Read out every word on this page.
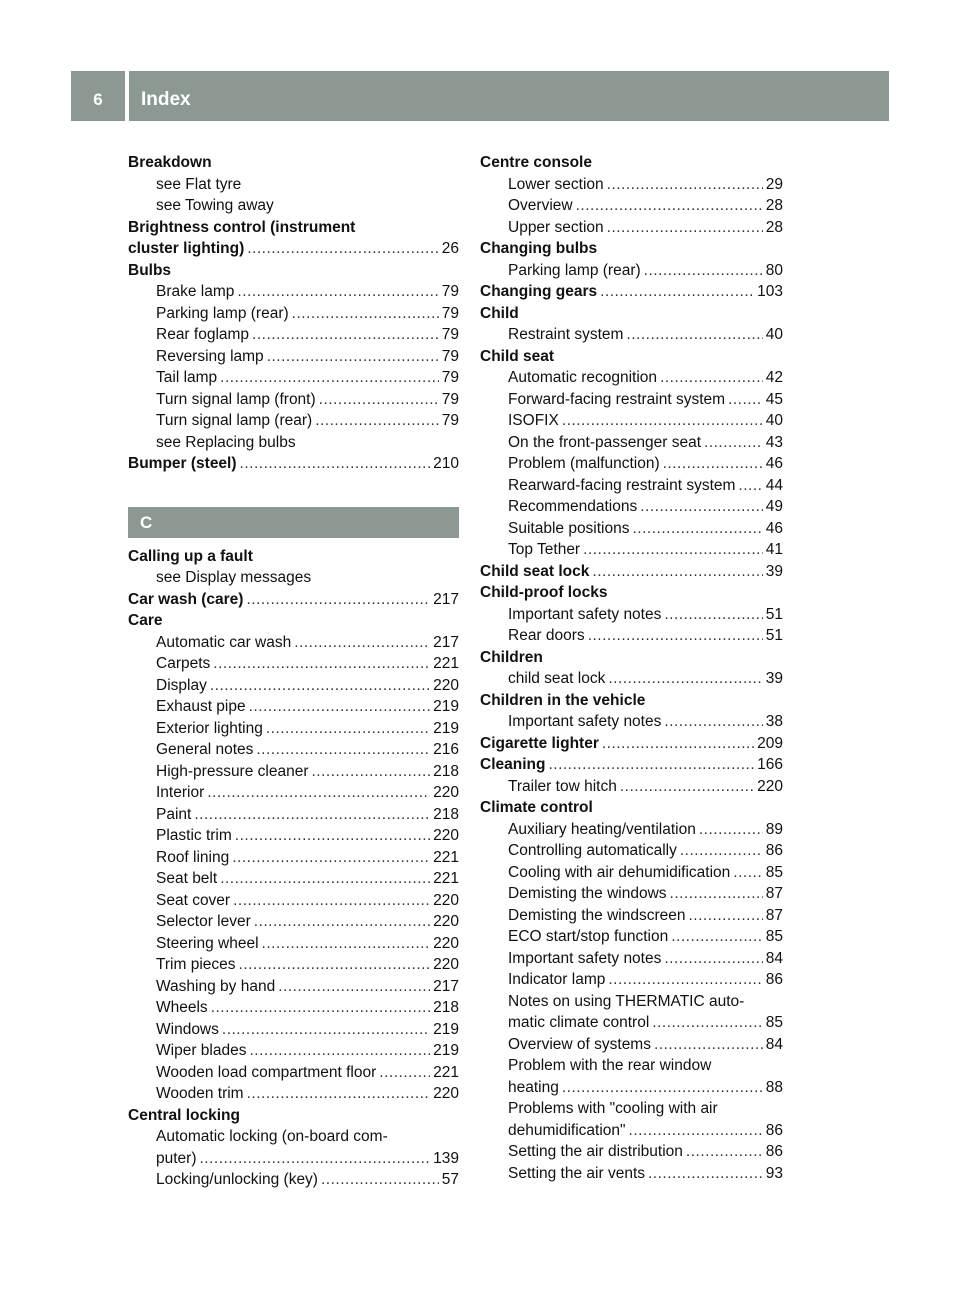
6	Index
Breakdown
see Flat tyre
see Towing away
Brightness control (instrument
cluster lighting) .....	26
Bulbs
Brake lamp .....	79
Parking lamp (rear) .....	79
Rear foglamp .....	79
Reversing lamp .....	79
Tail lamp .....	79
Turn signal lamp (front) .....	79
Turn signal lamp (rear) .....	79
see Replacing bulbs
Bumper (steel) .....	210
C
Calling up a fault
see Display messages
Car wash (care) .....	217
Care
Automatic car wash .....	217
Carpets .....	221
Display .....	220
Exhaust pipe .....	219
Exterior lighting .....	219
General notes .....	216
High-pressure cleaner .....	218
Interior .....	220
Paint .....	218
Plastic trim .....	220
Roof lining .....	221
Seat belt .....	221
Seat cover .....	220
Selector lever .....	220
Steering wheel .....	220
Trim pieces .....	220
Washing by hand .....	217
Wheels .....	218
Windows .....	219
Wiper blades .....	219
Wooden load compartment floor .....	221
Wooden trim .....	220
Central locking
Automatic locking (on-board com-
puter) .....	139
Locking/unlocking (key) .....	57
Centre console
Lower section .....	29
Overview .....	28
Upper section .....	28
Changing bulbs
Parking lamp (rear) .....	80
Changing gears .....	103
Child
Restraint system .....	40
Child seat
Automatic recognition .....	42
Forward-facing restraint system .....	45
ISOFIX .....	40
On the front-passenger seat .....	43
Problem (malfunction) .....	46
Rearward-facing restraint system ..... 44
Recommendations .....	49
Suitable positions .....	46
Top Tether .....	41
Child seat lock .....	39
Child-proof locks
Important safety notes .....	51
Rear doors .....	51
Children
child seat lock .....	39
Children in the vehicle
Important safety notes .....	38
Cigarette lighter .....	209
Cleaning .....	166
Trailer tow hitch .....	220
Climate control
Auxiliary heating/ventilation .....	89
Controlling automatically .....	86
Cooling with air dehumidification ..... 85
Demisting the windows .....	87
Demisting the windscreen .....	87
ECO start/stop function .....	85
Important safety notes .....	84
Indicator lamp .....	86
Notes on using THERMATIC auto-
matic climate control .....	85
Overview of systems .....	84
Problem with the rear window
heating .....	88
Problems with "cooling with air
dehumidification" .....	86
Setting the air distribution .....	86
Setting the air vents .....	93
